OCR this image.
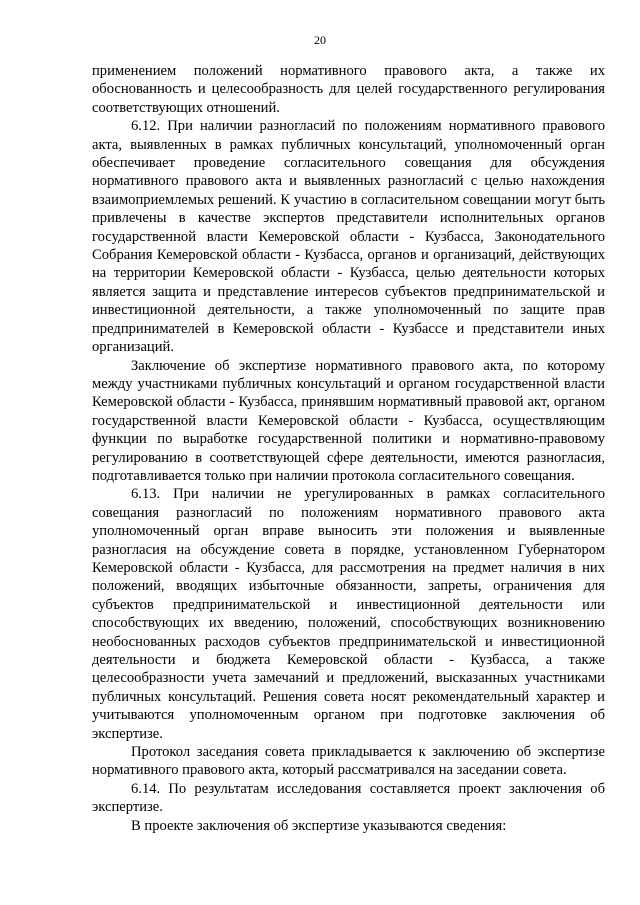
20

применением положений нормативного правового акта, а также их обоснованность и целесообразность для целей государственного регулирования соответствующих отношений.

6.12. При наличии разногласий по положениям нормативного правового акта, выявленных в рамках публичных консультаций, уполномоченный орган обеспечивает проведение согласительного совещания для обсуждения нормативного правового акта и выявленных разногласий с целью нахождения взаимоприемлемых решений. К участию в согласительном совещании могут быть привлечены в качестве экспертов представители исполнительных органов государственной власти Кемеровской области - Кузбасса, Законодательного Собрания Кемеровской области - Кузбасса, органов и организаций, действующих на территории Кемеровской области - Кузбасса, целью деятельности которых является защита и представление интересов субъектов предпринимательской и инвестиционной деятельности, а также уполномоченный по защите прав предпринимателей в Кемеровской области - Кузбассе и представители иных организаций.

Заключение об экспертизе нормативного правового акта, по которому между участниками публичных консультаций и органом государственной власти Кемеровской области - Кузбасса, принявшим нормативный правовой акт, органом государственной власти Кемеровской области - Кузбасса, осуществляющим функции по выработке государственной политики и нормативно-правовому регулированию в соответствующей сфере деятельности, имеются разногласия, подготавливается только при наличии протокола согласительного совещания.

6.13. При наличии не урегулированных в рамках согласительного совещания разногласий по положениям нормативного правового акта уполномоченный орган вправе выносить эти положения и выявленные разногласия на обсуждение совета в порядке, установленном Губернатором Кемеровской области - Кузбасса, для рассмотрения на предмет наличия в них положений, вводящих избыточные обязанности, запреты, ограничения для субъектов предпринимательской и инвестиционной деятельности или способствующих их введению, положений, способствующих возникновению необоснованных расходов субъектов предпринимательской и инвестиционной деятельности и бюджета Кемеровской области - Кузбасса, а также целесообразности учета замечаний и предложений, высказанных участниками публичных консультаций. Решения совета носят рекомендательный характер и учитываются уполномоченным органом при подготовке заключения об экспертизе.

Протокол заседания совета прикладывается к заключению об экспертизе нормативного правового акта, который рассматривался на заседании совета.

6.14. По результатам исследования составляется проект заключения об экспертизе.

В проекте заключения об экспертизе указываются сведения:
